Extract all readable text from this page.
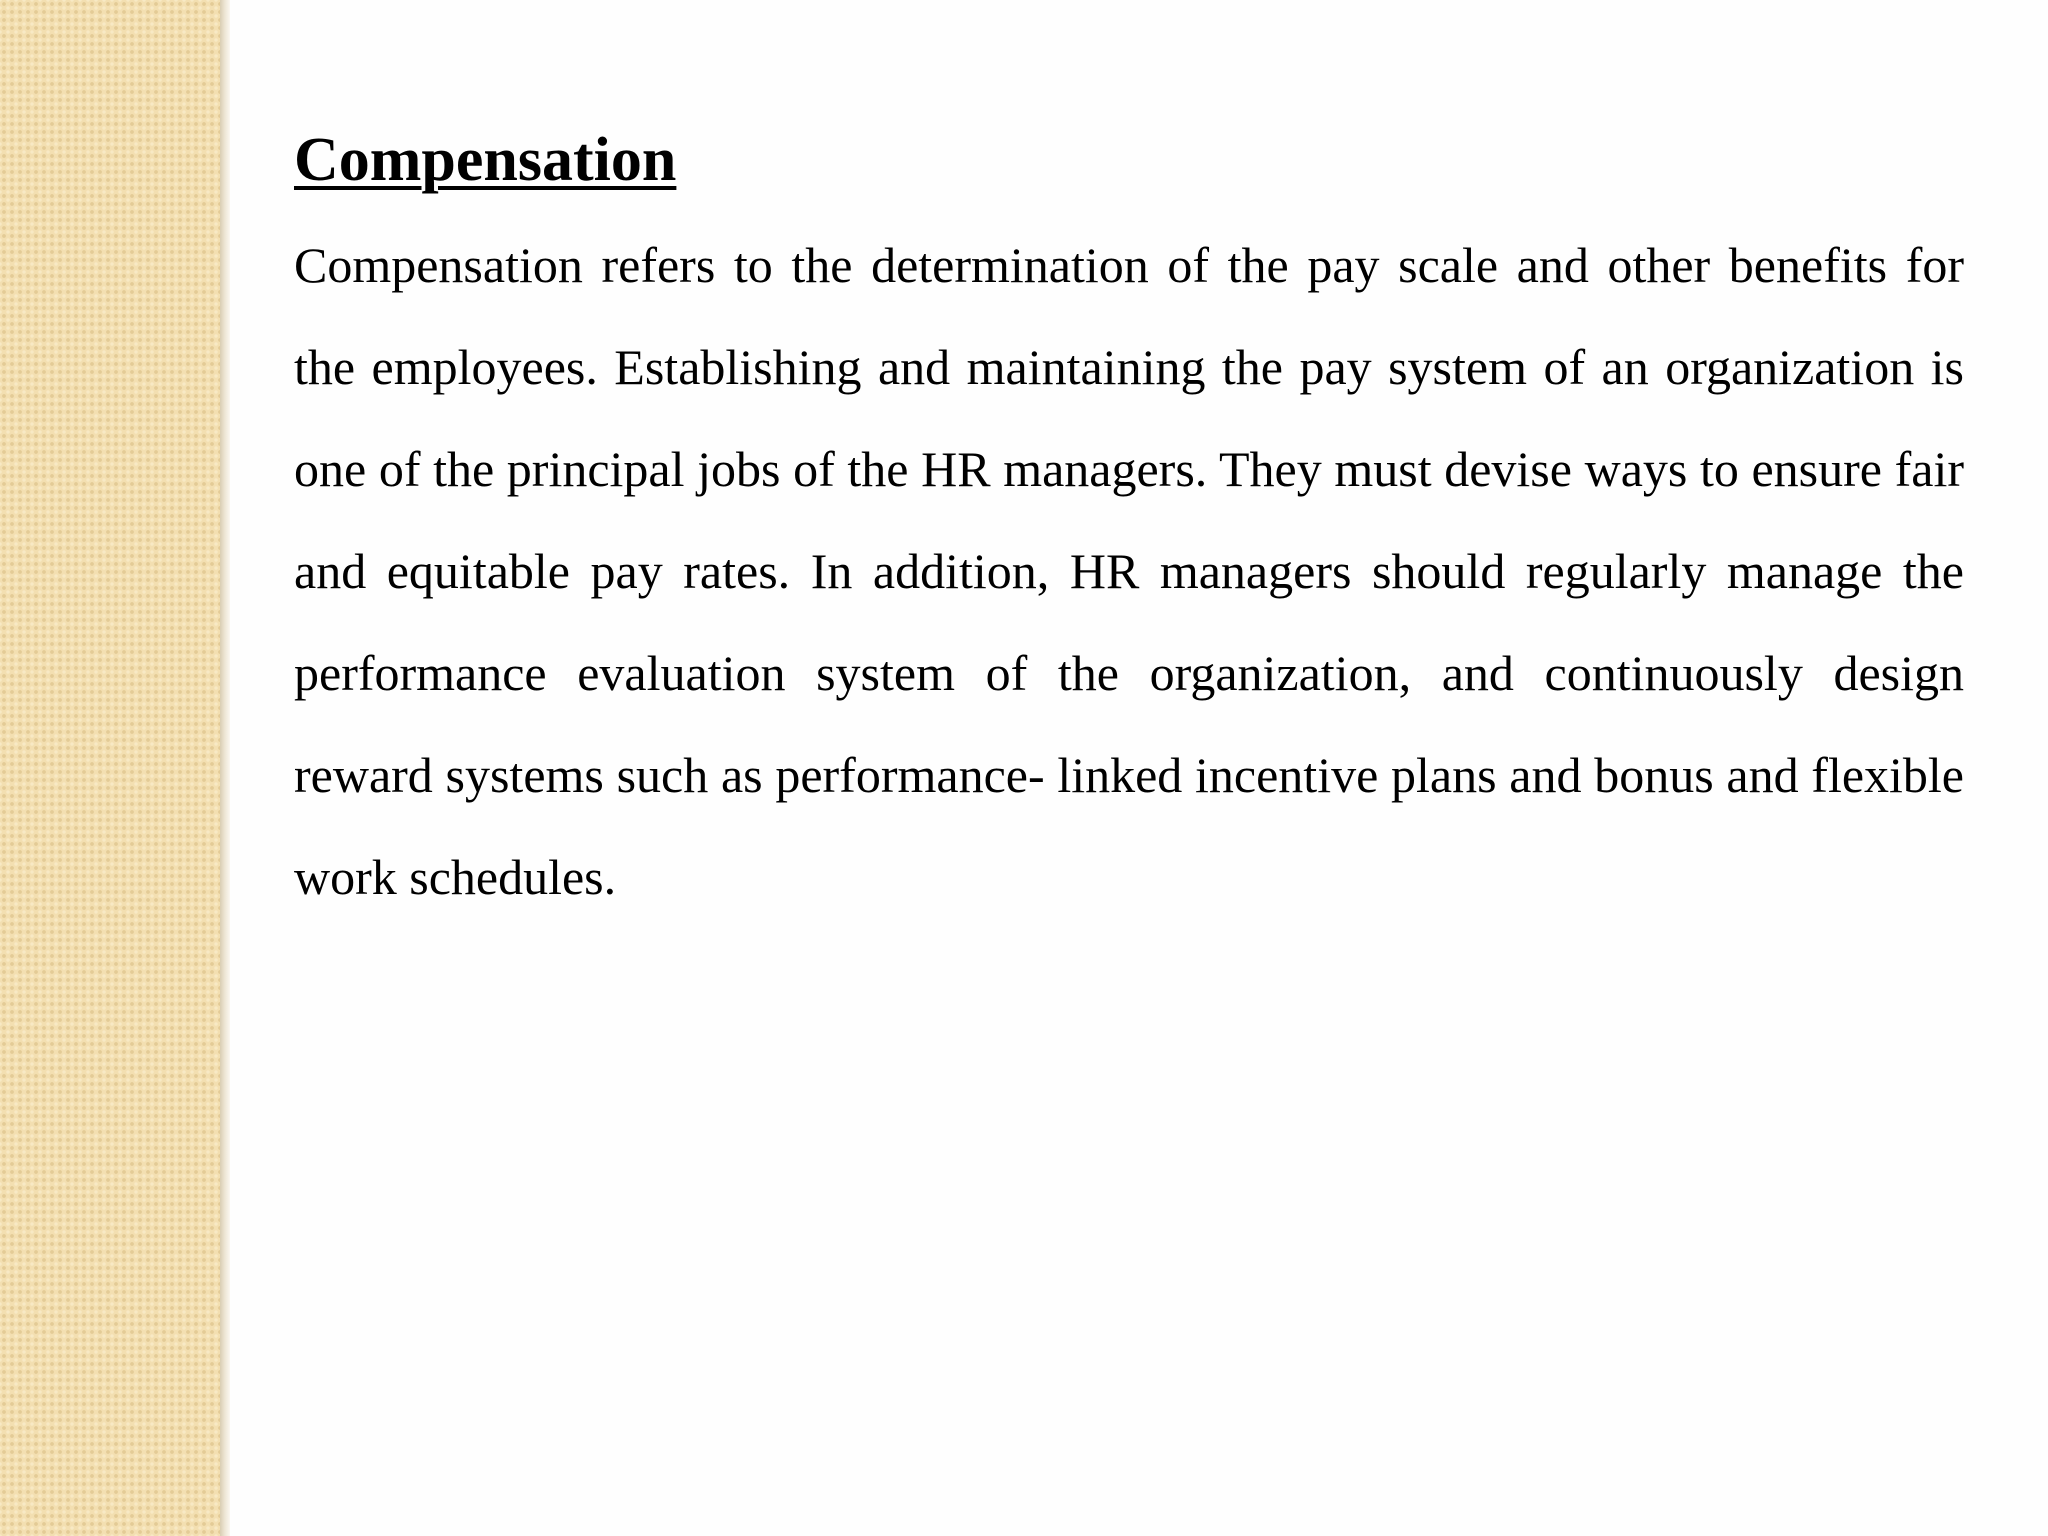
Compensation

Compensation refers to the determination of the pay scale and other benefits for the employees. Establishing and maintaining the pay system of an organization is one of the principal jobs of the HR managers. They must devise ways to ensure fair and equitable pay rates. In addition, HR managers should regularly manage the performance evaluation system of the organization, and continuously design reward systems such as performance- linked incentive plans and bonus and flexible work schedules.
